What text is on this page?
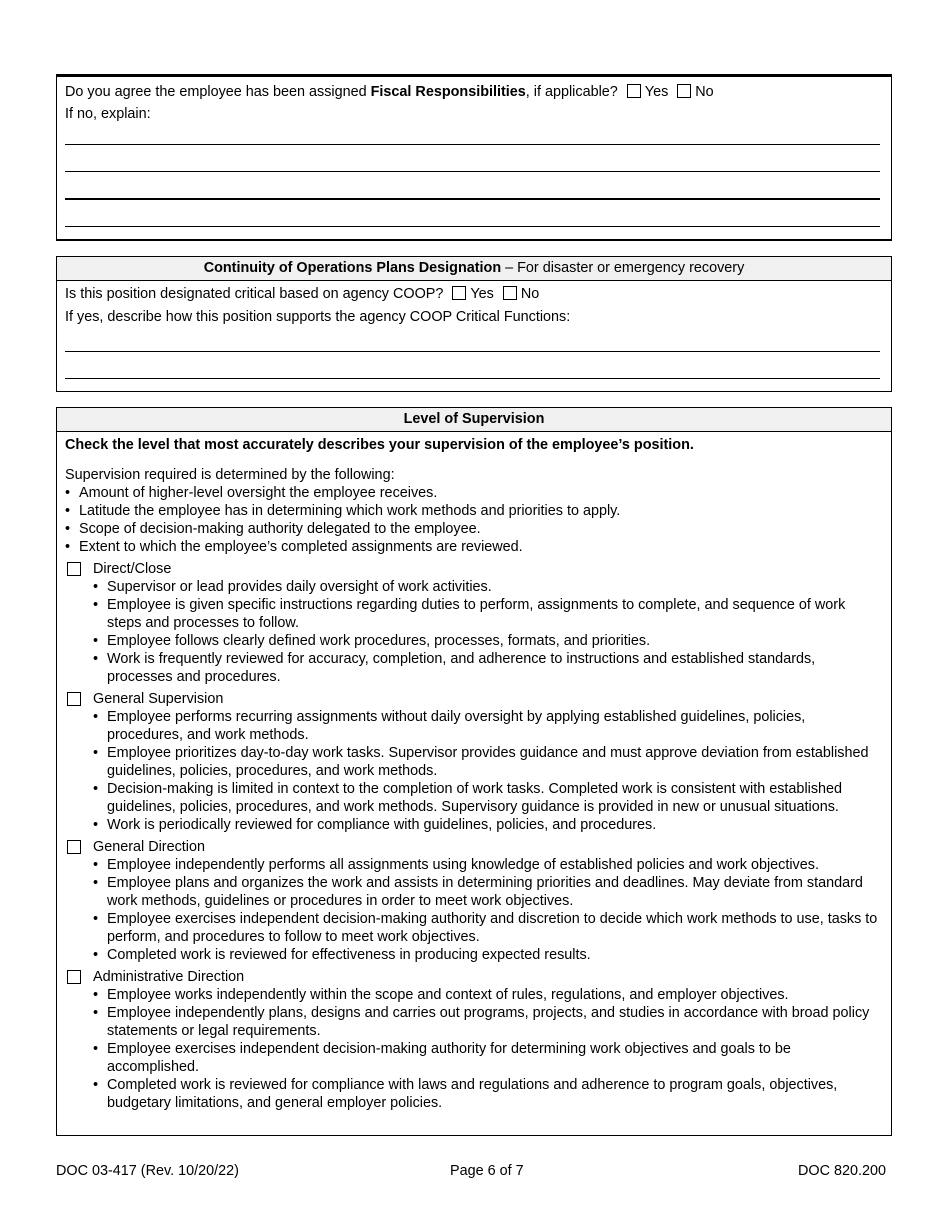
Do you agree the employee has been assigned Fiscal Responsibilities, if applicable? Yes No
If no, explain:
Continuity of Operations Plans Designation – For disaster or emergency recovery
Is this position designated critical based on agency COOP? Yes No
If yes, describe how this position supports the agency COOP Critical Functions:
Level of Supervision
Check the level that most accurately describes your supervision of the employee’s position.
Supervision required is determined by the following:
• Amount of higher-level oversight the employee receives.
• Latitude the employee has in determining which work methods and priorities to apply.
• Scope of decision-making authority delegated to the employee.
• Extent to which the employee’s completed assignments are reviewed.
Direct/Close
• Supervisor or lead provides daily oversight of work activities.
• Employee is given specific instructions regarding duties to perform, assignments to complete, and sequence of work steps and processes to follow.
• Employee follows clearly defined work procedures, processes, formats, and priorities.
• Work is frequently reviewed for accuracy, completion, and adherence to instructions and established standards, processes and procedures.
General Supervision
• Employee performs recurring assignments without daily oversight by applying established guidelines, policies, procedures, and work methods.
• Employee prioritizes day-to-day work tasks. Supervisor provides guidance and must approve deviation from established guidelines, policies, procedures, and work methods.
• Decision-making is limited in context to the completion of work tasks. Completed work is consistent with established guidelines, policies, procedures, and work methods. Supervisory guidance is provided in new or unusual situations.
• Work is periodically reviewed for compliance with guidelines, policies, and procedures.
General Direction
• Employee independently performs all assignments using knowledge of established policies and work objectives.
• Employee plans and organizes the work and assists in determining priorities and deadlines. May deviate from standard work methods, guidelines or procedures in order to meet work objectives.
• Employee exercises independent decision-making authority and discretion to decide which work methods to use, tasks to perform, and procedures to follow to meet work objectives.
• Completed work is reviewed for effectiveness in producing expected results.
Administrative Direction
• Employee works independently within the scope and context of rules, regulations, and employer objectives.
• Employee independently plans, designs and carries out programs, projects, and studies in accordance with broad policy statements or legal requirements.
• Employee exercises independent decision-making authority for determining work objectives and goals to be accomplished.
• Completed work is reviewed for compliance with laws and regulations and adherence to program goals, objectives, budgetary limitations, and general employer policies.
DOC 03-417 (Rev. 10/20/22)	Page 6 of 7	DOC 820.200
